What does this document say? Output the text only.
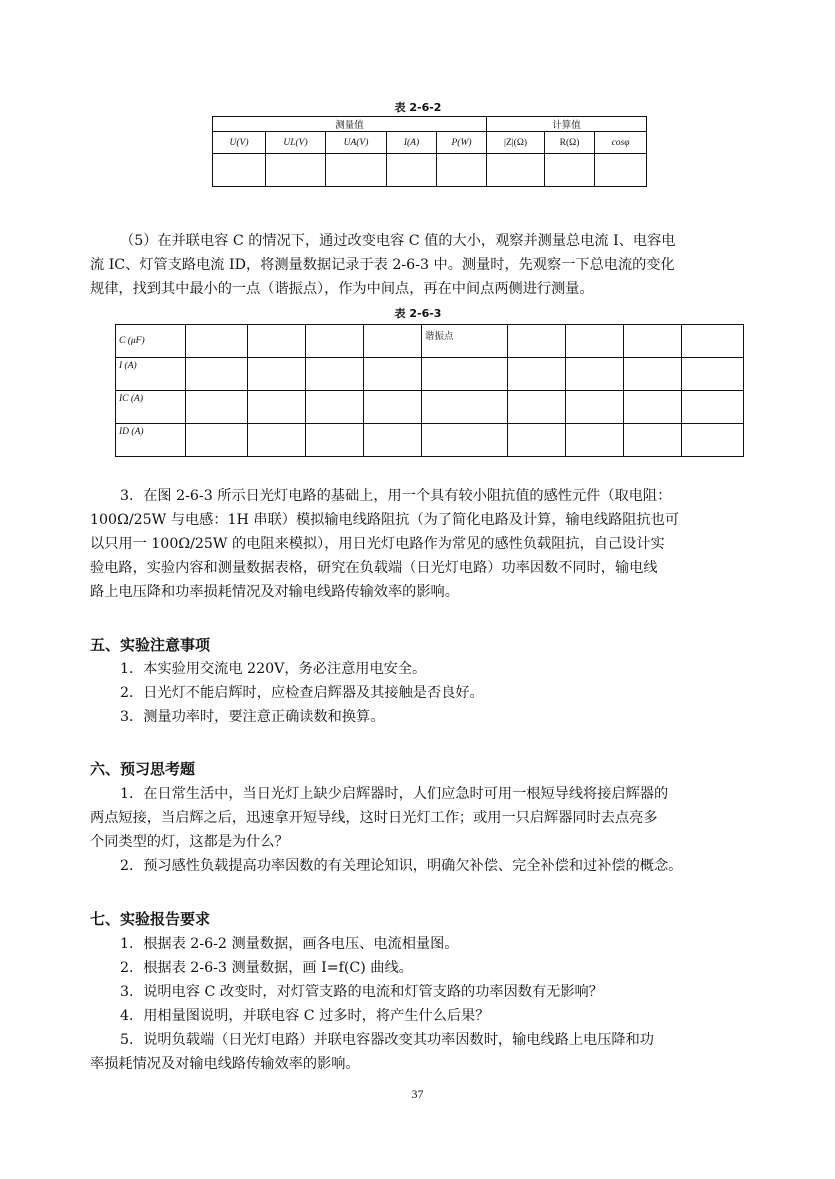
表 2-6-2
测量值					计算值		
U(V)	UL(V)	UA(V)	I(A)	P(W)	|Z|(Ω)	R(Ω)	cosφ

（5）在并联电容 C 的情况下，通过改变电容 C 值的大小，观察并测量总电流 I、电容电

流 IC、灯管支路电流 ID，将测量数据记录于表 2-6-3 中。测量时，先观察一下总电流的变化

规律，找到其中最小的一点（谐振点），作为中间点，再在中间点两侧进行测量。

表 2-6-3
C (μF)					谐振点				
I (A)									
IC (A)									
ID (A)									

3．在图 2-6-3 所示日光灯电路的基础上，用一个具有较小阻抗值的感性元件（取电阻：

100Ω/25W 与电感：1H 串联）模拟输电线路阻抗（为了简化电路及计算，输电线路阻抗也可

以只用一 100Ω/25W 的电阻来模拟），用日光灯电路作为常见的感性负载阻抗，自己设计实

验电路，实验内容和测量数据表格，研究在负载端（日光灯电路）功率因数不同时，输电线

路上电压降和功率损耗情况及对输电线路传输效率的影响。

五、实验注意事项

1．本实验用交流电 220V，务必注意用电安全。

2．日光灯不能启辉时，应检查启辉器及其接触是否良好。

3．测量功率时，要注意正确读数和换算。

六、预习思考题

1．在日常生活中，当日光灯上缺少启辉器时，人们应急时可用一根短导线将接启辉器的

两点短接，当启辉之后，迅速拿开短导线，这时日光灯工作；或用一只启辉器同时去点亮多

个同类型的灯，这都是为什么？

2．预习感性负载提高功率因数的有关理论知识，明确欠补偿、完全补偿和过补偿的概念。

七、实验报告要求

1．根据表 2-6-2 测量数据，画各电压、电流相量图。

2．根据表 2-6-3 测量数据，画 I=f(C) 曲线。

3．说明电容 C 改变时，对灯管支路的电流和灯管支路的功率因数有无影响？

4．用相量图说明，并联电容 C 过多时，将产生什么后果？

5．说明负载端（日光灯电路）并联电容器改变其功率因数时，输电线路上电压降和功

率损耗情况及对输电线路传输效率的影响。

37
